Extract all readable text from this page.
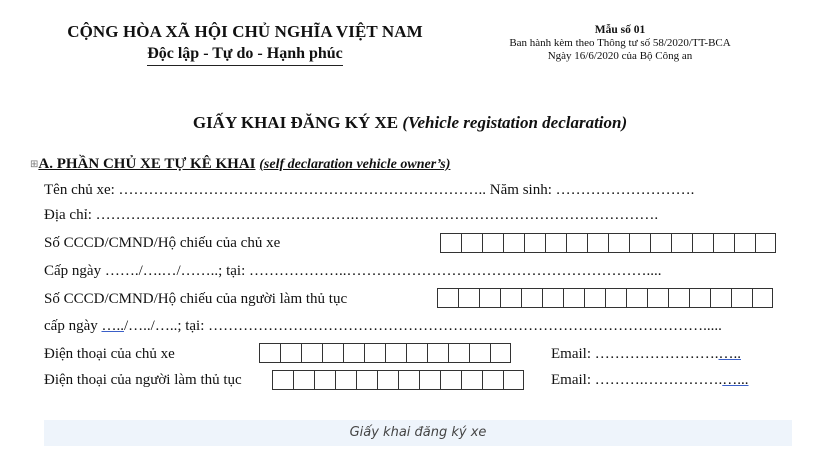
CỘNG HÒA XÃ HỘI CHỦ NGHĨA VIỆT NAM
Độc lập - Tự do - Hạnh phúc
Mẫu số 01
Ban hành kèm theo Thông tư số 58/2020/TT-BCA
Ngày 16/6/2020 của Bộ Công an
GIẤY KHAI ĐĂNG KÝ XE (Vehicle registation declaration)
⊞A. PHẦN CHỦ XE TỰ KÊ KHAI (self declaration vehicle owner’s)
Tên chủ xe: ……………………………………………………………….. Năm sinh: ……………………….
Địa chỉ: …………………………………………….…………………………………………………….
Số CCCD/CMND/Hộ chiếu của chủ xe
Cấp ngày ……./….…/……..; tại: ………………..……………………………………………………....
Số CCCD/CMND/Hộ chiếu của người làm thủ tục
cấp ngày …../…../…..; tại: ……………………………………………………………………………………….....
Điện thoại của chủ xe	Email: …………………….…..
Điện thoại của người làm thủ tục	Email: ……….…………….…...
Giấy khai đăng ký xe
